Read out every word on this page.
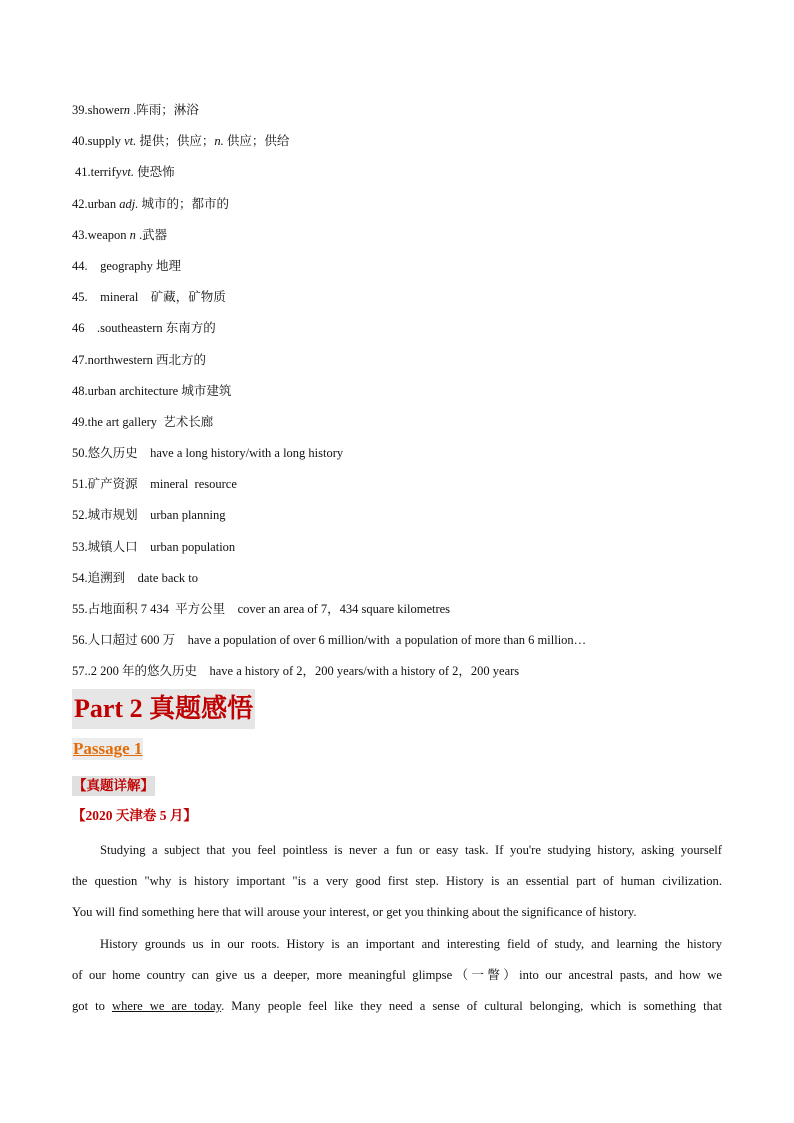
39.showern .阵雨；淋浴
40.supply vt. 提供；供应；n. 供应；供给
41.terrifyvt. 使恐怖
42.urban adj. 城市的；都市的
43.weapon n .武器
44.    geography 地理
45.    mineral    矿藏，矿物质
46    .southeastern 东南方的
47.northwestern 西北方的
48.urban architecture 城市建筑
49.the art gallery  艺术长廊
50.悠久历史    have a long history/with a long history
51.矿产资源    mineral  resource
52.城市规划    urban planning
53.城镇人口    urban population
54.追溯到    date back to
55.占地面积 7 434  平方公里    cover an area of 7，434 square kilometres
56.人口超过 600 万    have a population of over 6 million/with  a population of more than 6 million…
57..2 200 年的悠久历史    have a history of 2，200 years/with a history of 2，200 years
Part 2 真题感悟
Passage 1
【真题详解】
【2020 天津卷 5 月】
Studying a subject that you feel pointless is never a fun or easy task. If you're studying history, asking yourself
the question "why is history important "is a very good first step. History is an essential part of human civilization.
You will find something here that will arouse your interest, or get you thinking about the significance of history.
History grounds us in our roots. History is an important and interesting field of study, and learning the history
of our home country can give us a deeper, more meaningful glimpse（一瞥）into our ancestral pasts, and how we
got to where we are today. Many people feel like they need a sense of cultural belonging, which is something that
